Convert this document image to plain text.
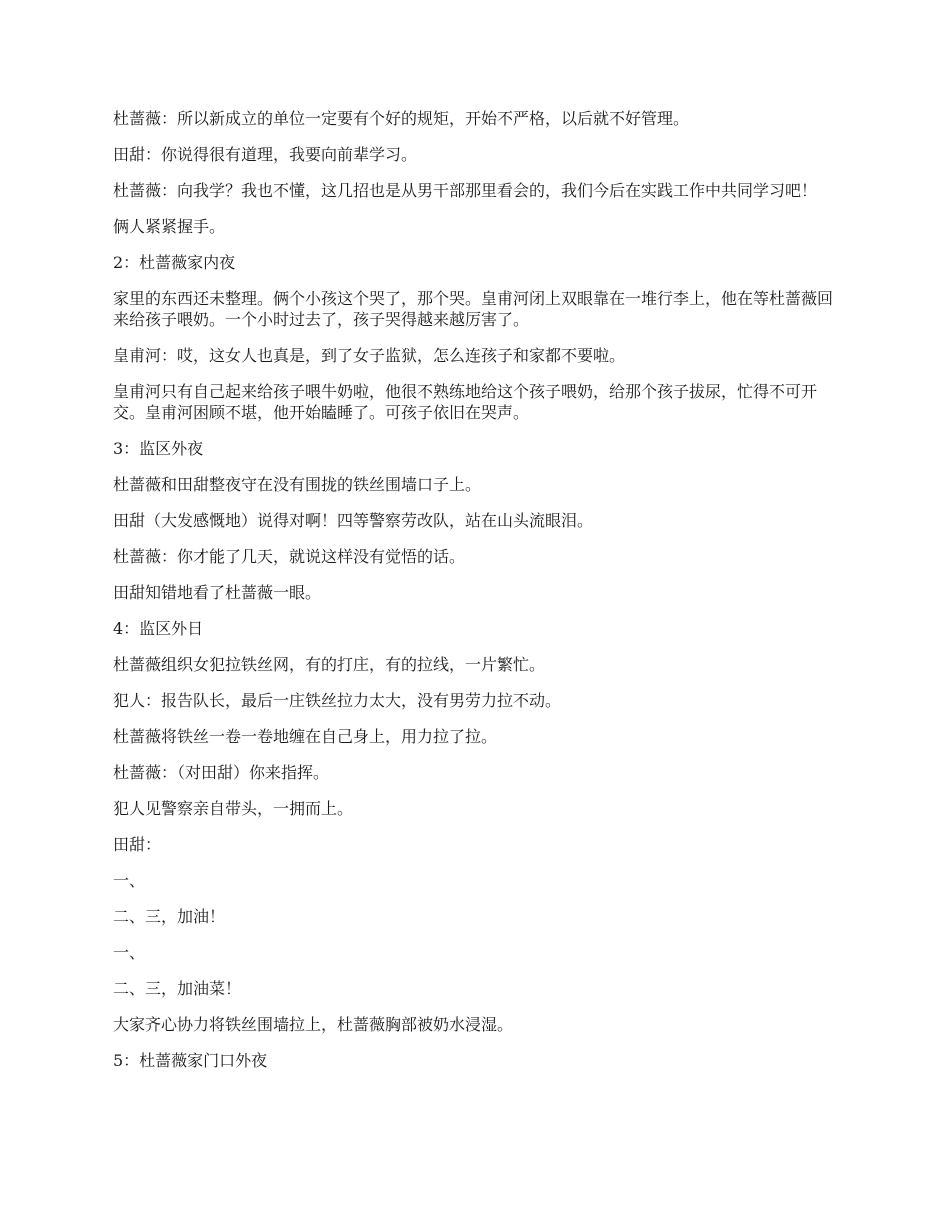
杜蔷薇：所以新成立的单位一定要有个好的规矩，开始不严格，以后就不好管理。

田甜：你说得很有道理，我要向前辈学习。

杜蔷薇：向我学？我也不懂，这几招也是从男干部那里看会的，我们今后在实践工作中共同学习吧！

俩人紧紧握手。

2：杜蔷薇家内夜

家里的东西还未整理。俩个小孩这个哭了，那个哭。皇甫河闭上双眼靠在一堆行李上，他在等杜蔷薇回来给孩子喂奶。一个小时过去了，孩子哭得越来越厉害了。

皇甫河：哎，这女人也真是，到了女子监狱，怎么连孩子和家都不要啦。

皇甫河只有自己起来给孩子喂牛奶啦，他很不熟练地给这个孩子喂奶，给那个孩子拔尿，忙得不可开交。皇甫河困顾不堪，他开始瞌睡了。可孩子依旧在哭声。

3：监区外夜

杜蔷薇和田甜整夜守在没有围拢的铁丝围墙口子上。

田甜（大发感慨地）说得对啊！四等警察劳改队，站在山头流眼泪。

杜蔷薇：你才能了几天，就说这样没有觉悟的话。

田甜知错地看了杜蔷薇一眼。

4：监区外日

杜蔷薇组织女犯拉铁丝网，有的打庄，有的拉线，一片繁忙。

犯人：报告队长，最后一庄铁丝拉力太大，没有男劳力拉不动。

杜蔷薇将铁丝一卷一卷地缠在自己身上，用力拉了拉。

杜蔷薇：（对田甜）你来指挥。

犯人见警察亲自带头，一拥而上。

田甜：

一、

二、三，加油！

一、

二、三，加油菜！

大家齐心协力将铁丝围墙拉上，杜蔷薇胸部被奶水浸湿。

5：杜蔷薇家门口外夜
